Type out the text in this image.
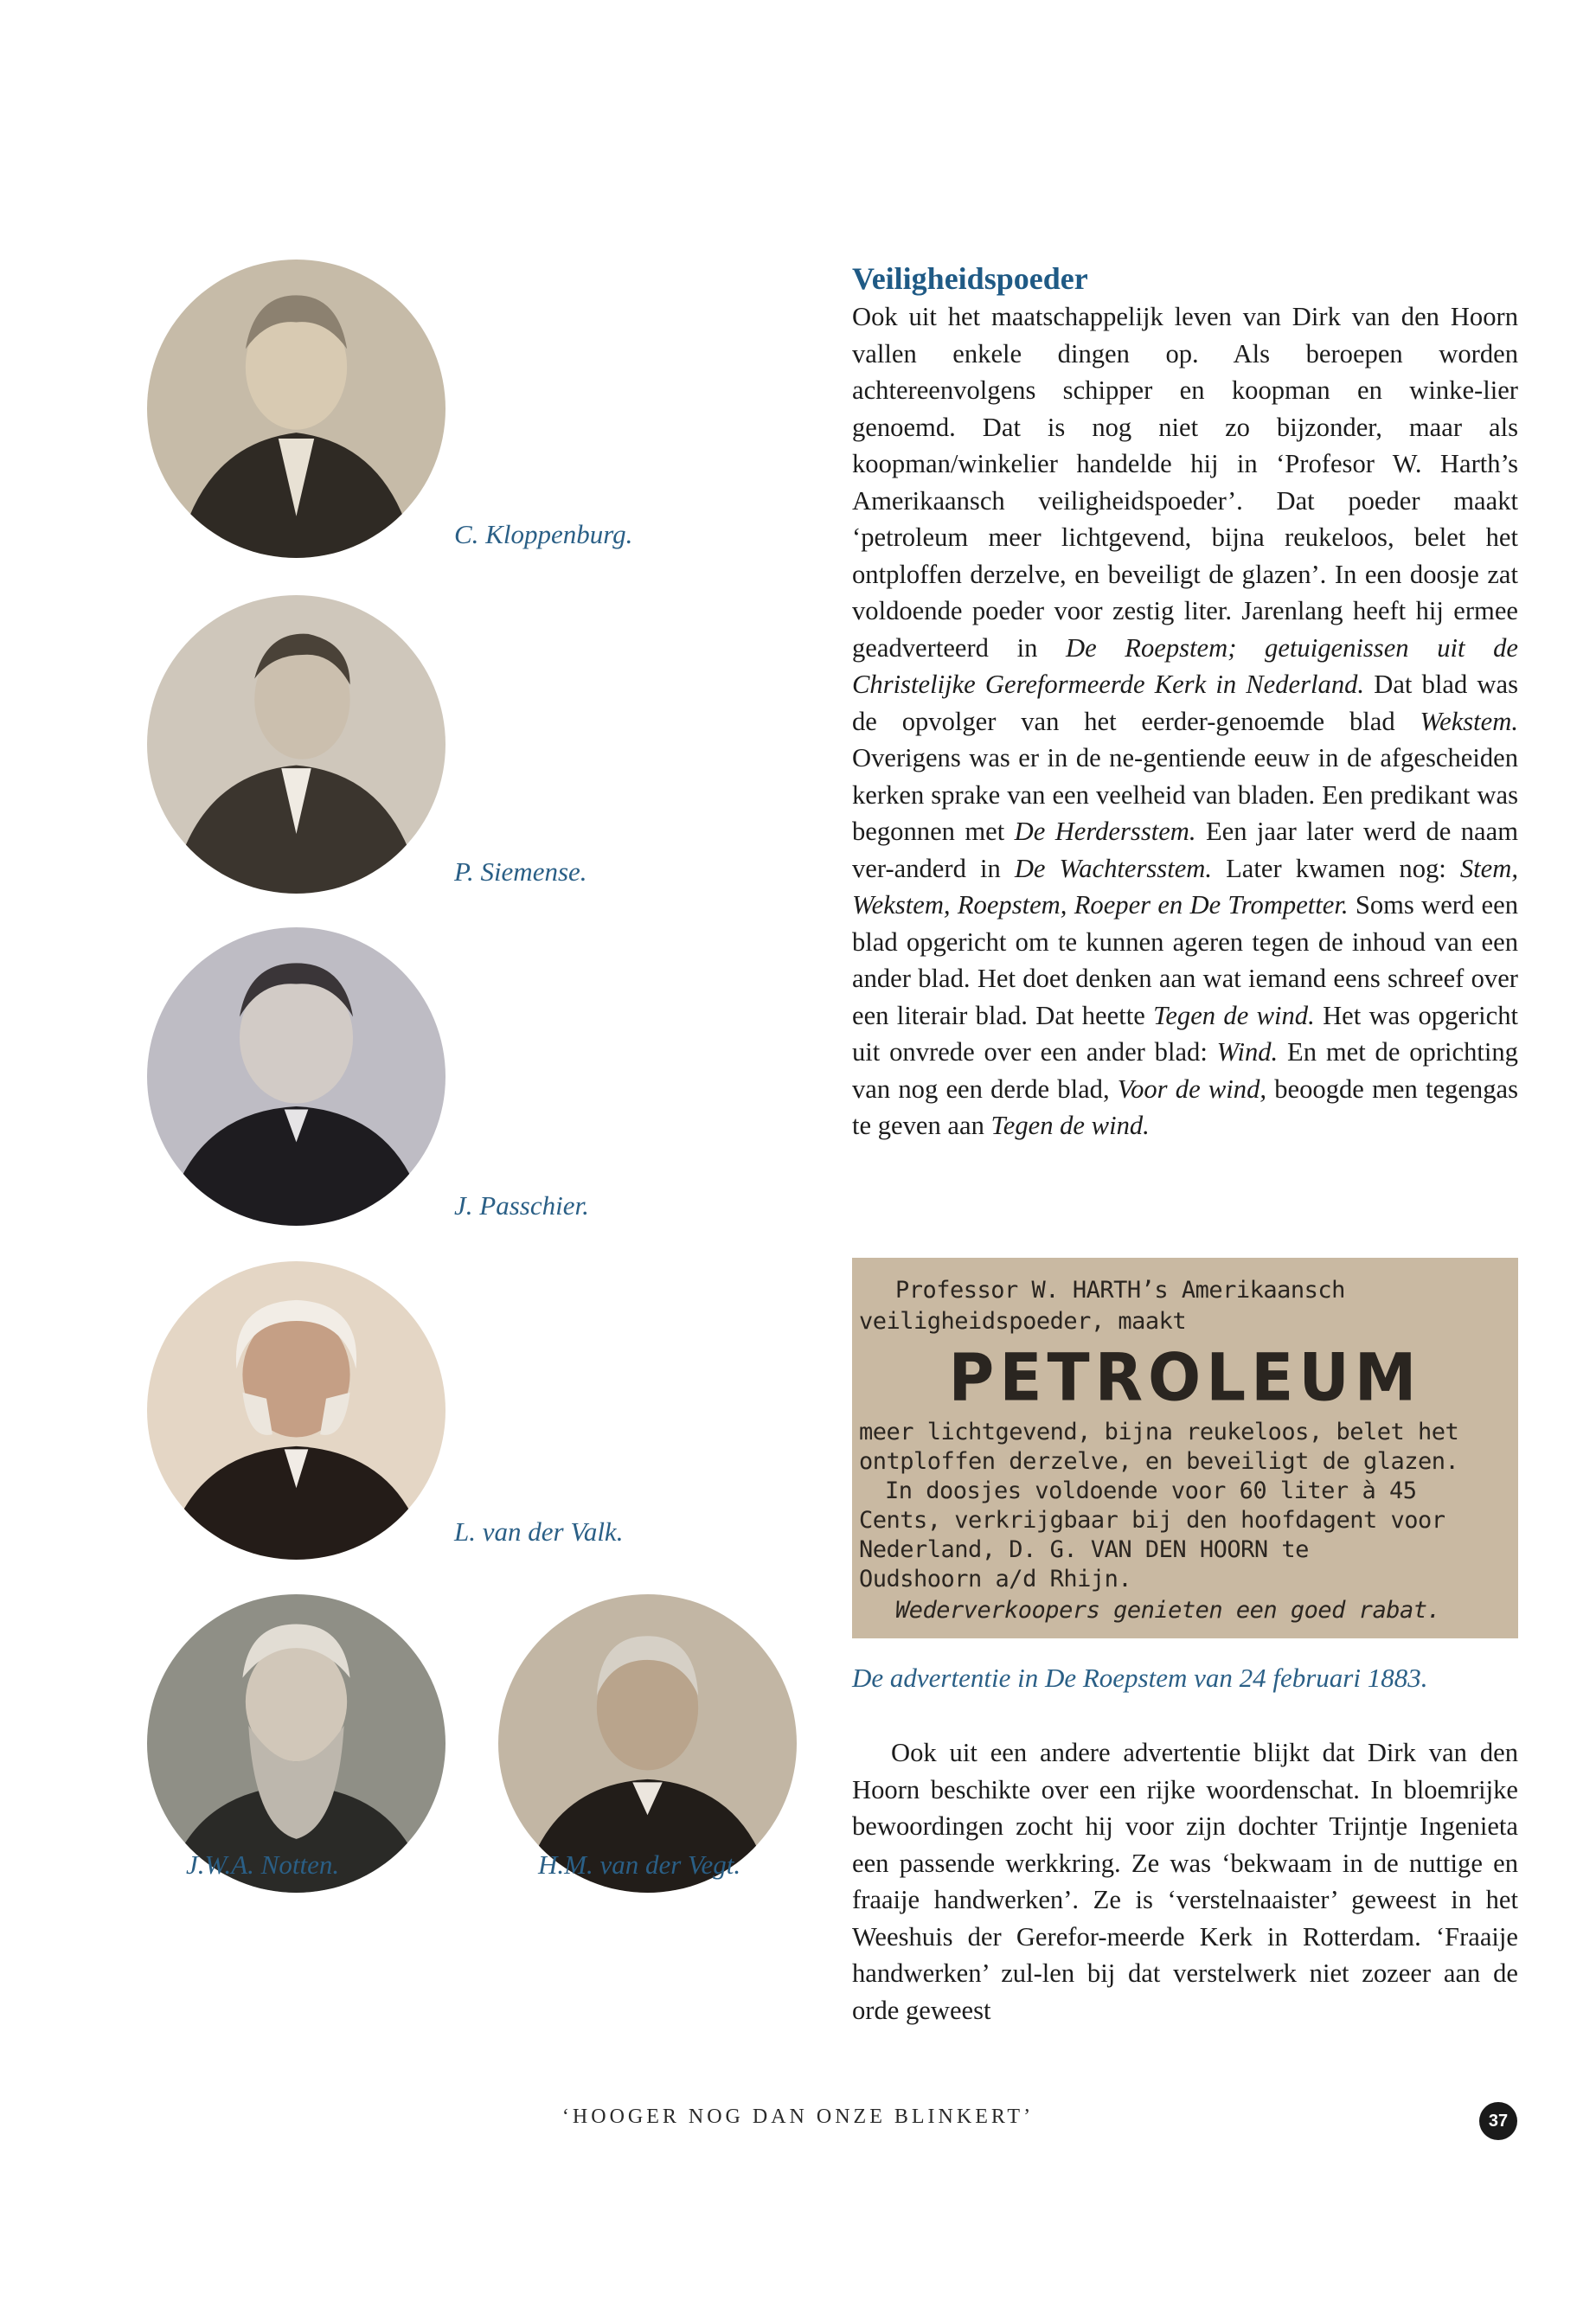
C. Kloppenburg.
P. Siemense.
J. Passchier.
L. van der Valk.
J.W.A. Notten.	H.M. van der Vegt.
Veiligheidspoeder

Ook uit het maatschappelijk leven van Dirk van den Hoorn vallen enkele dingen op. Als beroepen worden achtereenvolgens schipper en koopman en winke-lier genoemd. Dat is nog niet zo bijzonder, maar als koopman/winkelier handelde hij in ‘Profesor W. Harth’s Amerikaansch veiligheidspoeder’. Dat poeder maakt ‘petroleum meer lichtgevend, bijna reukeloos, belet het ontploffen derzelve, en beveiligt de glazen’. In een doosje zat voldoende poeder voor zestig liter. Jarenlang heeft hij ermee geadverteerd in De Roepstem; getuigenissen uit de Christelijke Gereformeerde Kerk in Nederland. Dat blad was de opvolger van het eerder-genoemde blad Wekstem. Overigens was er in de ne-gentiende eeuw in de afgescheiden kerken sprake van een veelheid van bladen. Een predikant was begonnen met De Herdersstem. Een jaar later werd de naam ver-anderd in De Wachtersstem. Later kwamen nog: Stem, Wekstem, Roepstem, Roeper en De Trompetter. Soms werd een blad opgericht om te kunnen ageren tegen de inhoud van een ander blad. Het doet denken aan wat iemand eens schreef over een literair blad. Dat heette Tegen de wind. Het was opgericht uit onvrede over een ander blad: Wind. En met de oprichting van nog een derde blad, Voor de wind, beoogde men tegengas te geven aan Tegen de wind.

Professor W. HARTH’s Amerikaansch
veiligheidspoeder, maakt
PETROLEUM
meer lichtgevend, bijna reukeloos, belet het
ontploffen derzelve, en beveiligt de glazen.
In doosjes voldoende voor 60 liter à 45
Cents, verkrijgbaar bij den hoofdagent voor
Nederland, D. G. VAN DEN HOORN te
Oudshoorn a/d Rhijn.
Wederverkoopers genieten een goed rabat.
De advertentie in De Roepstem van 24 februari 1883.

Ook uit een andere advertentie blijkt dat Dirk van den Hoorn beschikte over een rijke woordenschat. In bloemrijke bewoordingen zocht hij voor zijn dochter Trijntje Ingenieta een passende werkkring. Ze was ‘bekwaam in de nuttige en fraaije handwerken’. Ze is ‘verstelnaaister’ geweest in het Weeshuis der Gerefor-meerde Kerk in Rotterdam. ‘Fraaije handwerken’ zul-len bij dat verstelwerk niet zozeer aan de orde geweest

‘HOOGER NOG DAN ONZE BLINKERT’	37
